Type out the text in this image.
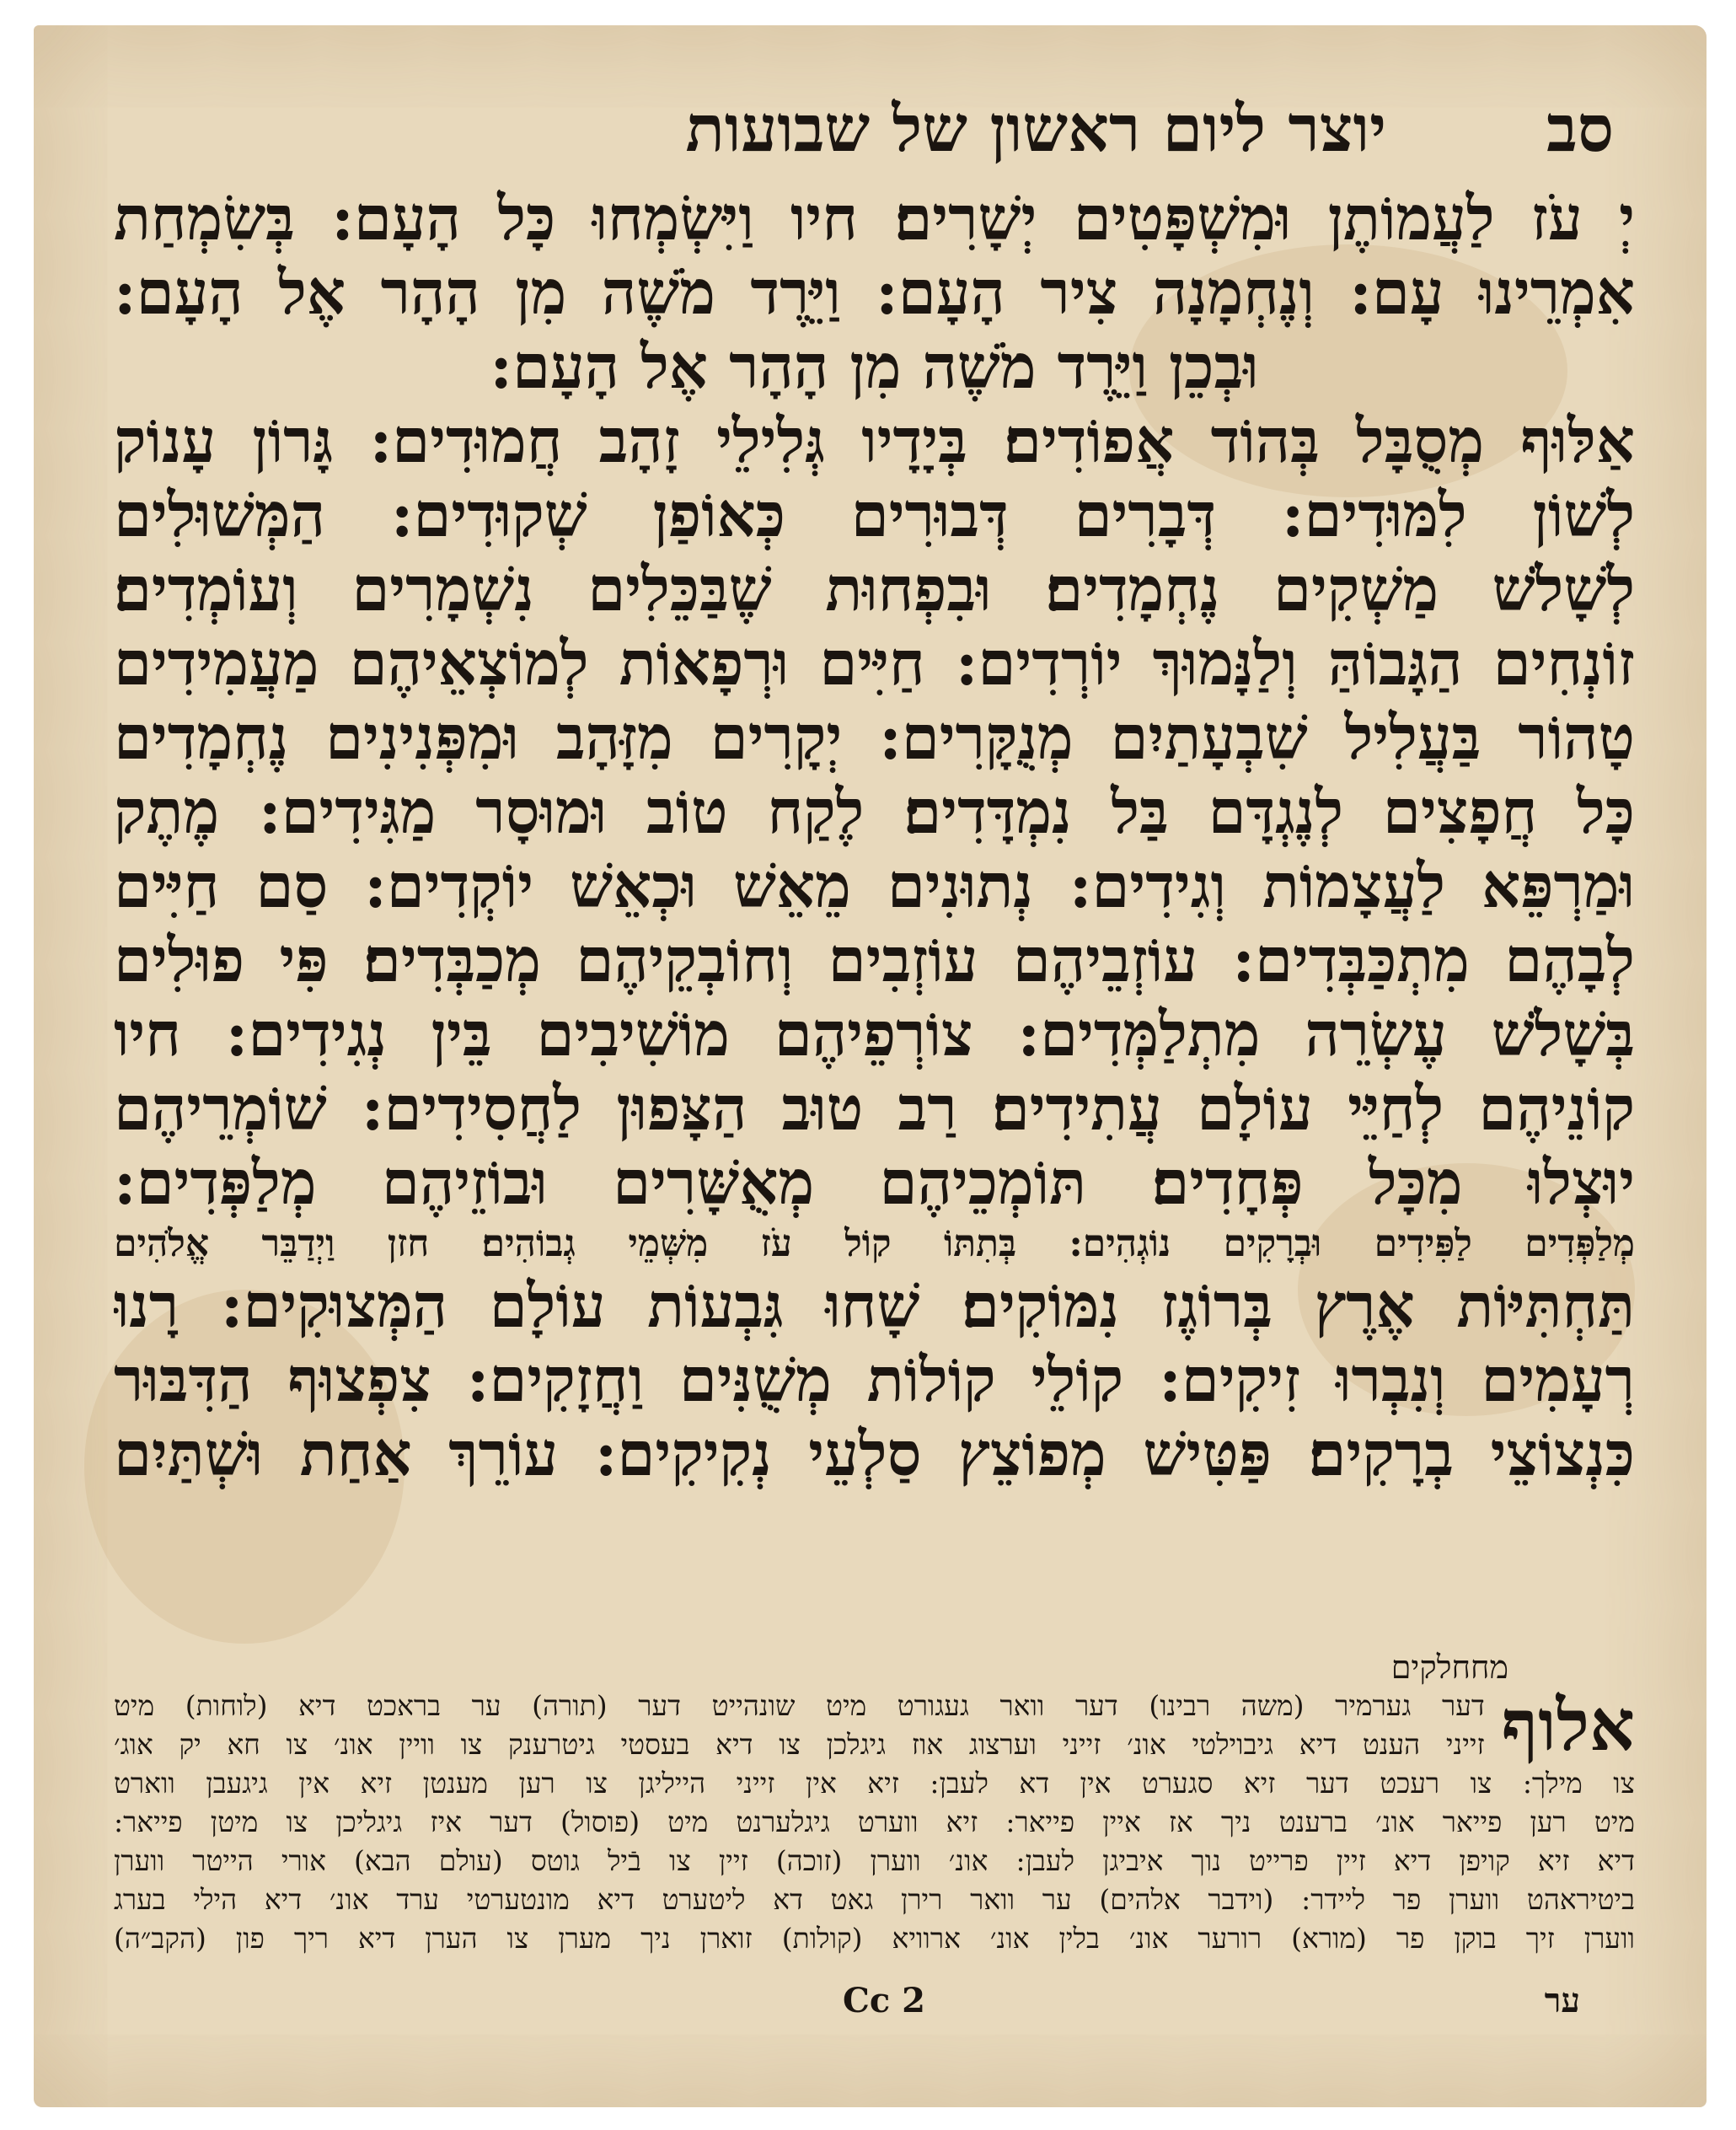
יוצר ליום ראשון של שבועות	סב
יְ עֹז לַעֲמוֹתֶן וּמִשְׁפָּטִים יְשָׁרִים׃ חיו וַיִּשְׂמְחוּ כָּל הָעָם: בְּשִׂמְחַת
אִמְרֵינוּ עָם: וְנֶחְמָנָה צִיר הָעָם: וַיֵּרֶד מֹשֶׁה מִן הָהָר אֶל הָעָם:
וּבְכֵן וַיֵּרֶד מֹשֶׁה מִן הָהָר אֶל הָעָם:
אַלּוּף מְסֻבָּל בְּהוֹד אֲפוֹדִים׃ בְּיָדָיו גְּלִילֵי זָהָב חֲמוּדִים: גָּרוֹן עָנוֹק
לְשׁוֹן לִמּוּדִים: דְּבָרִים דְּבוּרִים כְּאוֹפַן שְׁקוּדִים: הַמְּשׁוּלִים
לְשָׁלֹשׁ מַשְׁקִים נֶחְמָדִים׃ וּבִפְחוּת שֶׁבַּכֵּלִים נִשְׁמָרִים וְעוֹמְדִים׃
זוֹנְחִים הַגָּבוֹהַּ וְלַנָּמוּךְ יוֹרְדִים: חַיִּים וּרְפָאוֹת לְמוֹצְאֵיהֶם מַעֲמִידִים
טָהוֹר בַּעֲלִיל שִׁבְעָתַיִם מְנֻקָּרִים: יְקָרִים מִזָּהָב וּמִפְּנִינִים נֶחְמָדִים
כָּל חֲפָצִים לְנֶגְדָּם בַּל נִמְדָּדִים׃ לֶקַח טוֹב וּמוּסָר מַגִּידִים: מֶתֶק
וּמַרְפֵּא לַעֲצָמוֹת וְגִידִים: נְתוּנִים מֵאֵשׁ וּכְאֵשׁ יוֹקְדִים: סַם חַיִּים
לְבָהֶם מִתְכַּבְּדִים: עוֹזְבֵיהֶם עוֹזְבִים וְחוֹבְקֵיהֶם מְכַבְּדִים׃ פִּי פוּלִים
בְּשָׁלֹשׁ עֶשְׂרֵה מִתְלַמְּדִים: צוֹרְפֵיהֶם מוֹשִׁיבִים בֵּין נְגִידִים: חיו
קוֹנֵיהֶם לְחַיֵּי עוֹלָם עֲתִידִים׃ רַב טוּב הַצָּפוּן לַחֲסִידִים: שׁוֹמְרֵיהֶם
יוּצְלוּ מִכָּל פְּחָדִים׃ תּוֹמְכֵיהֶם מְאֻשָּׁרִים וּבוֹזֵיהֶם מְלַפְּדִים:
מְלַפְּדִים לַפִּידִים וּבְרָקִים נוֹגְהִים: בְּתִתּוֹ קוֹל עֹז מִשְּׁמֵי גְבוֹהִים׃ חזן וַיְדַבֵּר אֱלֹהִים
תַּחְתִּיּוֹת אֶרֶץ בְּרוֹגֶז נִמּוֹקִים׃ שָׁחוּ גִּבְעוֹת עוֹלָם הַמְּצוּקִים: רָנוּ
רְעָמִים וְנִבְרוּ זִיקִים: קוֹלֵי קוֹלוֹת מְשֻׁנִּים וַחֲזָקִים: צִפְצוּף הַדִּבּוּר
כִּנְצוֹצֵי בְרָקִים׃ פַּטִּישׁ מְפוֹצֵץ סַלְעֵי נְקִיקִים: עוֹרֵךְ אַחַת וּשְׁתַּיִם
מחחלקים
אלוף
דער גערמיר (משה רבינו) דער וואר געגורט מיט שונהייט דער (תורה) ער בראכט דיא (לוחות) מיט
זייני הענט דיא גיבוילטי אונ׳ זייני וערצוג אוז גיגלכן צו דיא בעסטי גיטרענק צו וויין אונ׳ צו חא יק אוג׳
צו מילך: צו רעכט דער זיא סגערט אין דא לעבן: זיא אין זייני הייליגן צו רען מענטן זיא אין גיגעבן ווארט
מיט רען פייאר אונ׳ ברענט ניך אז איין פייאר: זיא ווערט גיגלערנט מיט (פוסול) דער איז גיגליכן צו מיטן פייאר:
דיא זיא קויפן דיא זיין פרייט נוך איביגן לעבן: אונ׳ ווערן (זוכה) זיין צו בֿיל גוטס (עולם הבא) אורי הייטר ווערן
ביטיראהט ווערן פר ליידר: (וידבר אלהים) ער וואר רירן גאט דא ליטערט דיא מונטערטי ערד אונ׳ דיא הילי בערג
ווערן זיך בוקן פר (מורא) רורער אונ׳ בלין אונ׳ ארוויא (קולות) זוארן ניך מערן צו הערן דיא ריך פון (הקב״ה)
ער
Cc 2
